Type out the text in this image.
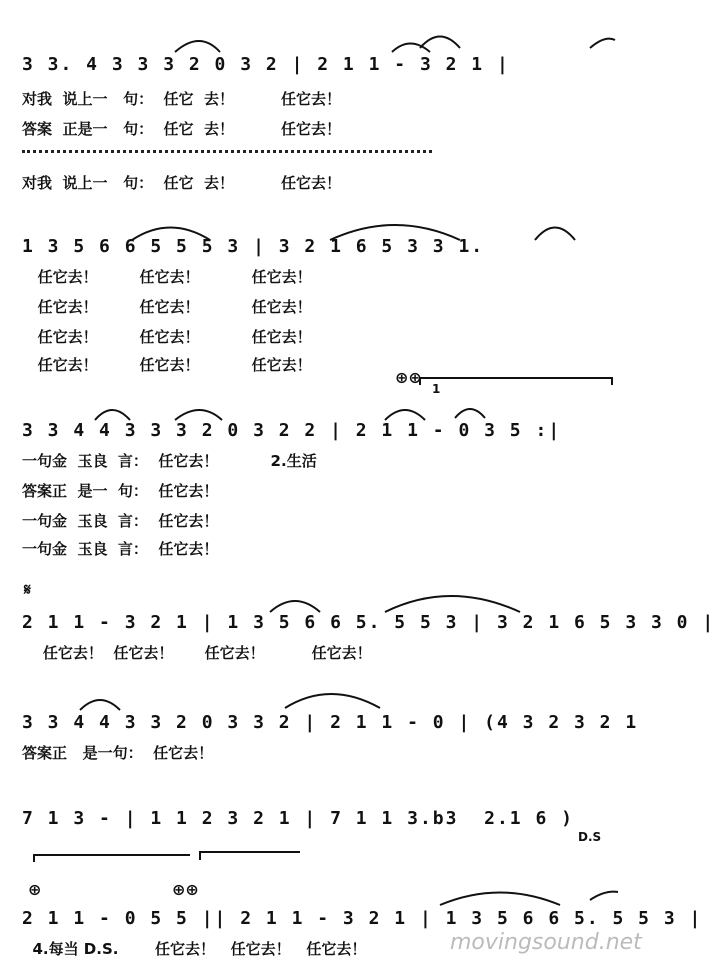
3 3. 4 3 3 3 2 0 3 2 | 2 1 1 - 3 2 1 |
对我  说上一   句：  任它  去！         任它去！
答案  正是一   句：  任它  去！         任它去！
对我  说上一   句：  任它  去！         任它去！
1 3 5 6 6 5 5 5 3 | 3 2 1 6 5 3 3 1.
任它去！        任它去！          任它去！
任它去！        任它去！          任它去！
任它去！        任它去！          任它去！
任它去！        任它去！          任它去！
⊕⊕
1
3 3 4 4 3 3 3 2 0 3 2 2 | 2 1 1 - 0 3 5 :|
一句金  玉良  言：  任它去！          2.生活
答案正  是一  句：  任它去！
一句金  玉良  言：  任它去！
一句金  玉良  言：  任它去！
𝄋
2 1 1 - 3 2 1 | 1 3 5 6 6 5. 5 5 3 | 3 2 1 6 5 3 3 0 |
任它去！  任它去！      任它去！         任它去！
3 3 4 4 3 3 2 0 3 3 2 | 2 1 1 - 0 | (4 3 2 3 2 1
答案正   是一句：  任它去！
7 1 3 - | 1 1 2 3 2 1 | 7 1 1 3.b3  2.1 6 )
D.S
⊕	⊕⊕
2 1 1 - 0 5 5 || 2 1 1 - 3 2 1 | 1 3 5 6 6 5. 5 5 3 |
4.每当 D.S.       任它去！   任它去！   任它去！	movingsound.net
